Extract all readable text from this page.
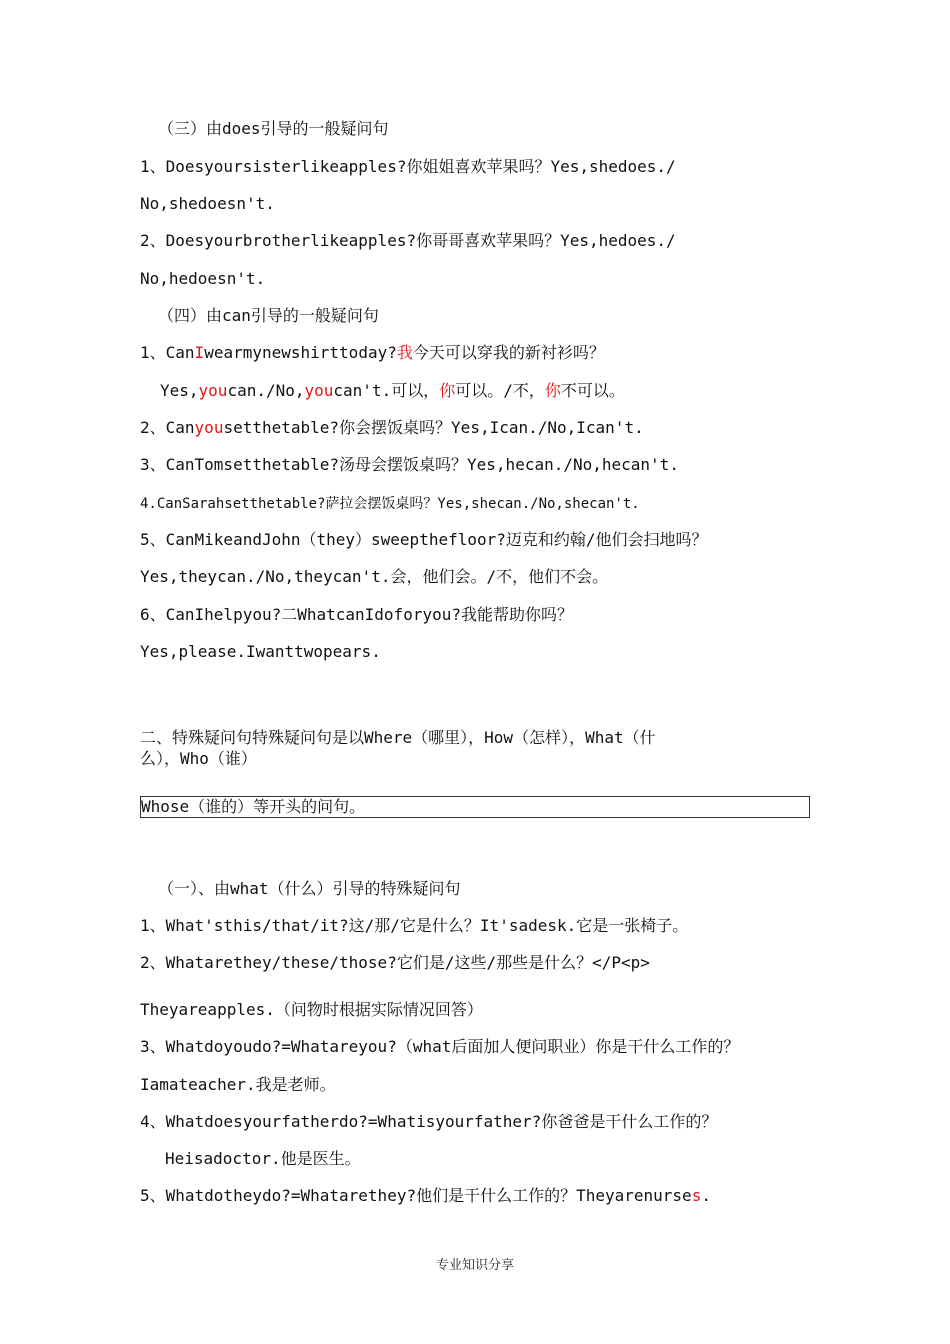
（三）由does引导的一般疑问句
1、Doesyoursisterlikeapples?你姐姐喜欢苹果吗？Yes,shedoes./
No,shedoesn't.
2、Doesyourbrotherlikeapples?你哥哥喜欢苹果吗？Yes,hedoes./
No,hedoesn't.
（四）由can引导的一般疑问句
1、CanIwearmynewshirttoday?我今天可以穿我的新衬衫吗？
Yes,youcan./No,youcan't.可以，你可以。/不，你不可以。
2、Canyousetthetable?你会摆饭桌吗？Yes,Ican./No,Ican't.
3、CanTomsetthetable?汤母会摆饭桌吗？Yes,hecan./No,hecan't.
4.CanSarahsetthetable?萨拉会摆饭桌吗？Yes,shecan./No,shecan't.
5、CanMikeandJohn（they）sweepthefloor?迈克和约翰/他们会扫地吗？
Yes,theycan./No,theycan't.会，他们会。/不，他们不会。
6、CanIhelpyou?二WhatcanIdoforyou?我能帮助你吗？
Yes,please.Iwanttwopears.
二、特殊疑问句特殊疑问句是以Where（哪里），How（怎样），What（什
么），Who（谁）
Whose（谁的）等开头的问句。
（一）、由what（什么）引导的特殊疑问句
1、What'sthis/that/it?这/那/它是什么？It'sadesk.它是一张椅子。
2、Whatarethey/these/those?它们是/这些/那些是什么？</P<p>
Theyareapples.（问物时根据实际情况回答）
3、Whatdoyoudo?=Whatareyou?（what后面加人便问职业）你是干什么工作的？
Iamateacher.我是老师。
4、Whatdoesyourfatherdo?=Whatisyourfather?你爸爸是干什么工作的？
Heisadoctor.他是医生。
5、Whatdotheydo?=Whatarethey?他们是干什么工作的？Theyarenurses.
专业知识分享
